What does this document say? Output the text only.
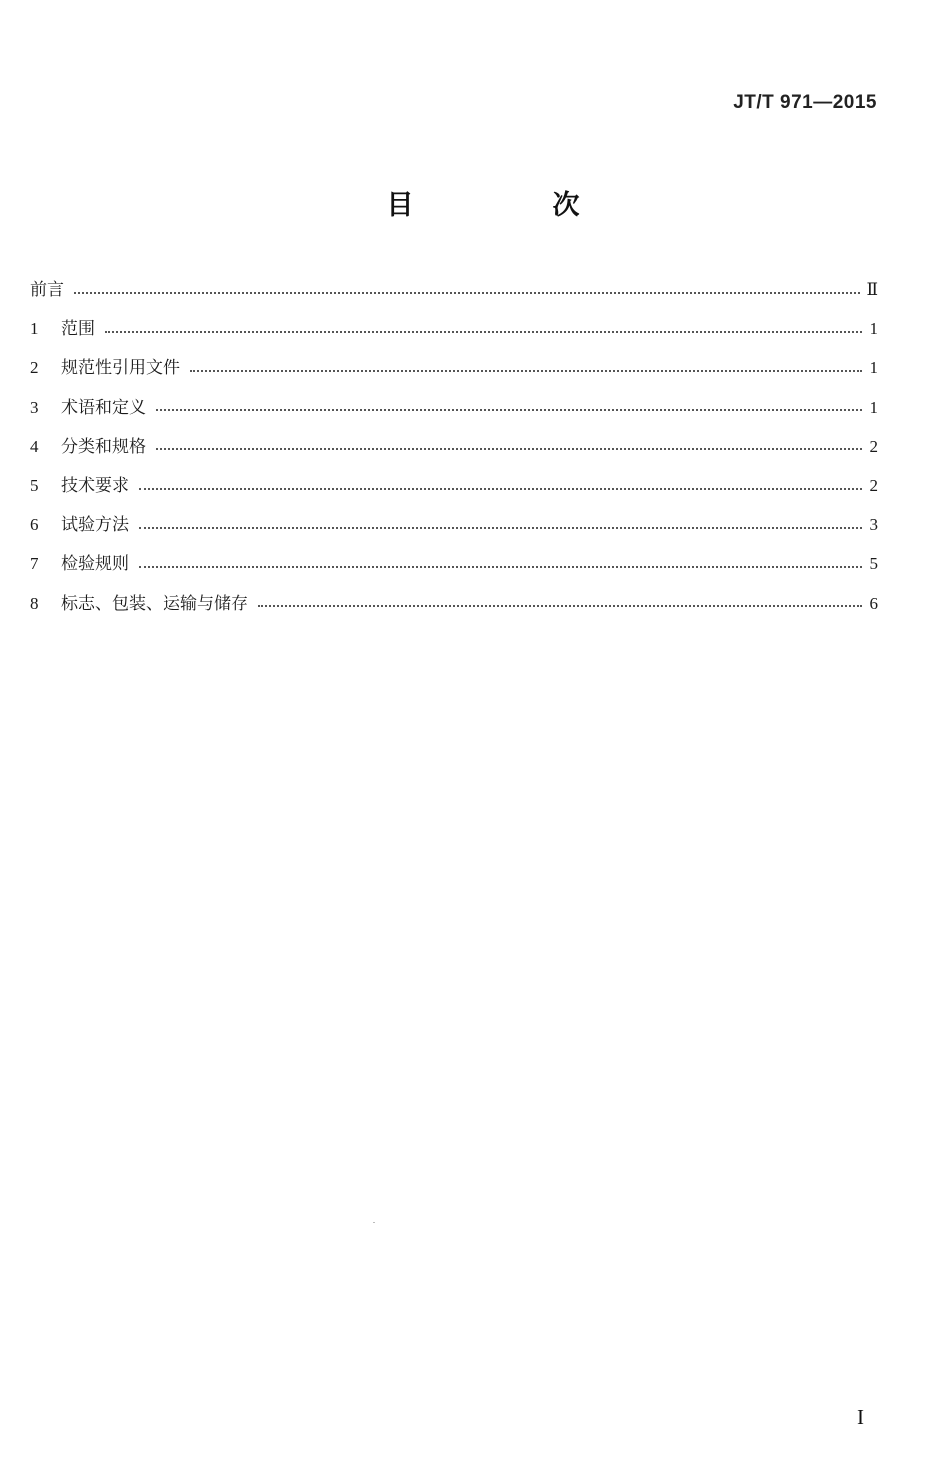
JT/T 971—2015
目　次
前言	Ⅱ
1	范围	1
2	规范性引用文件	1
3	术语和定义	1
4	分类和规格	2
5	技术要求	2
6	试验方法	3
7	检验规则	5
8	标志、包装、运输与储存	6
I
